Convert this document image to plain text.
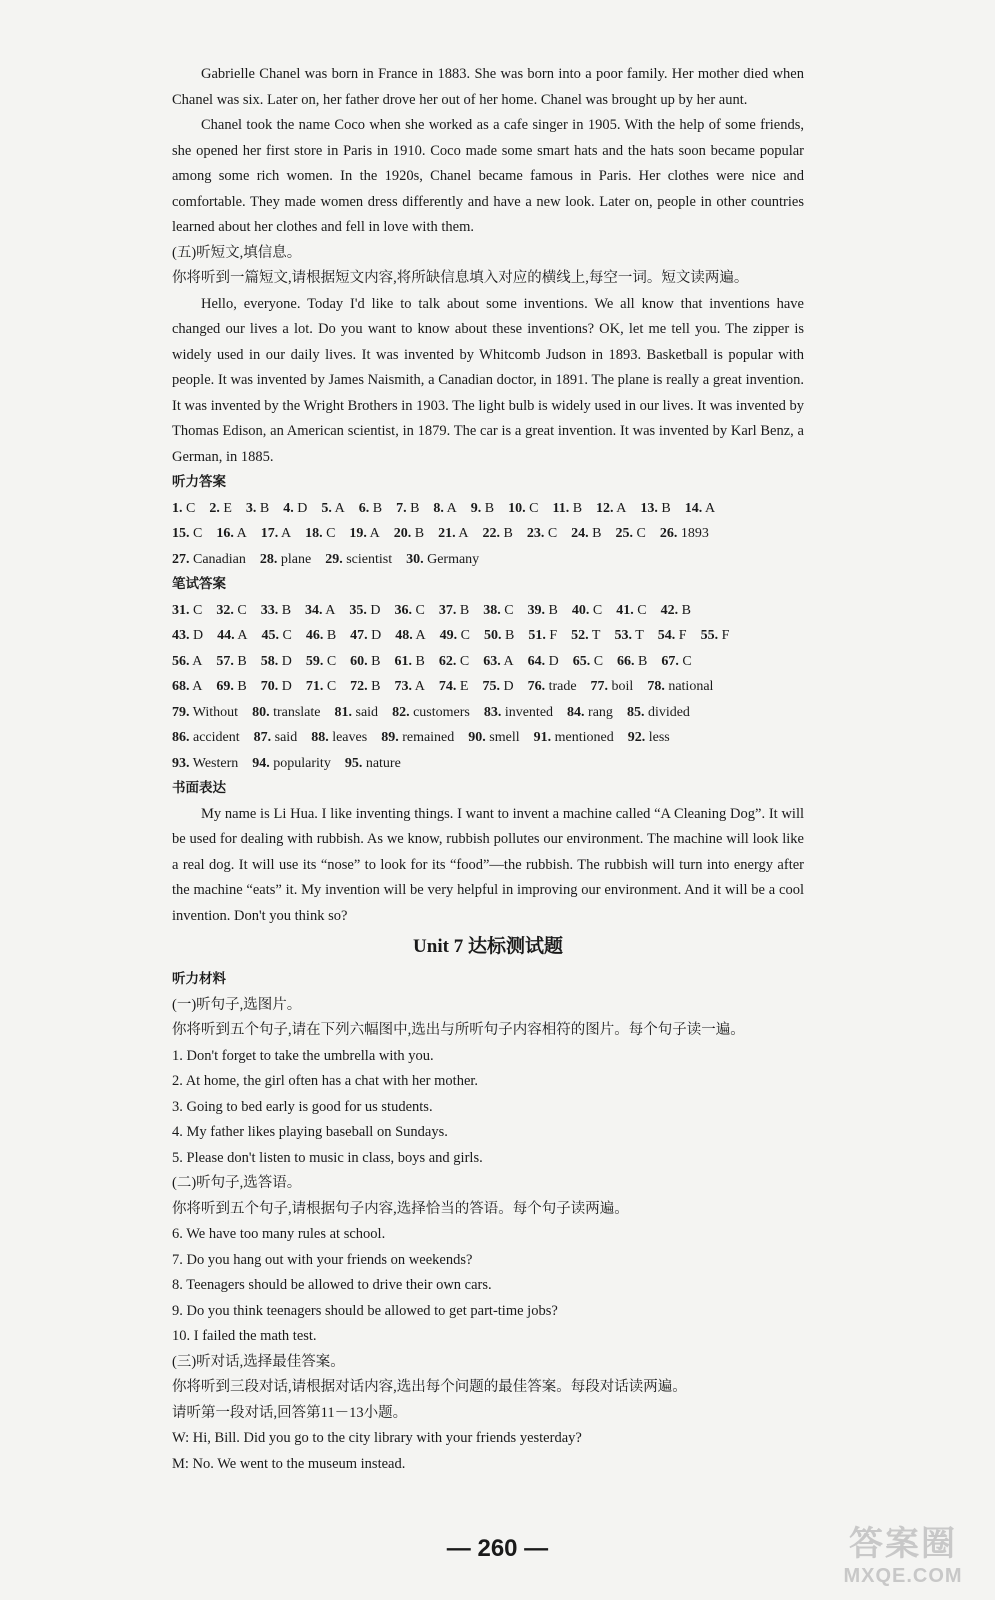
Gabrielle Chanel was born in France in 1883. She was born into a poor family. Her mother died when Chanel was six. Later on, her father drove her out of her home. Chanel was brought up by her aunt.

Chanel took the name Coco when she worked as a cafe singer in 1905. With the help of some friends, she opened her first store in Paris in 1910. Coco made some smart hats and the hats soon became popular among some rich women. In the 1920s, Chanel became famous in Paris. Her clothes were nice and comfortable. They made women dress differently and have a new look. Later on, people in other countries learned about her clothes and fell in love with them.

(五)听短文,填信息。
你将听到一篇短文,请根据短文内容,将所缺信息填入对应的横线上,每空一词。短文读两遍。

Hello, everyone. Today I'd like to talk about some inventions. We all know that inventions have changed our lives a lot. Do you want to know about these inventions? OK, let me tell you. The zipper is widely used in our daily lives. It was invented by Whitcomb Judson in 1893. Basketball is popular with people. It was invented by James Naismith, a Canadian doctor, in 1891. The plane is really a great invention. It was invented by the Wright Brothers in 1903. The light bulb is widely used in our lives. It was invented by Thomas Edison, an American scientist, in 1879. The car is a great invention. It was invented by Karl Benz, a German, in 1885.

听力答案
1. C 2. E 3. B 4. D 5. A 6. B 7. B 8. A 9. B 10. C 11. B 12. A 13. B 14. A
15. C 16. A 17. A 18. C 19. A 20. B 21. A 22. B 23. C 24. B 25. C 26. 1893
27. Canadian 28. plane 29. scientist 30. Germany
笔试答案
31. C 32. C 33. B 34. A 35. D 36. C 37. B 38. C 39. B 40. C 41. C 42. B
43. D 44. A 45. C 46. B 47. D 48. A 49. C 50. B 51. F 52. T 53. T 54. F 55. F
56. A 57. B 58. D 59. C 60. B 61. B 62. C 63. A 64. D 65. C 66. B 67. C
68. A 69. B 70. D 71. C 72. B 73. A 74. E 75. D 76. trade 77. boil 78. national
79. Without 80. translate 81. said 82. customers 83. invented 84. rang 85. divided
86. accident 87. said 88. leaves 89. remained 90. smell 91. mentioned 92. less
93. Western 94. popularity 95. nature
书面表达

My name is Li Hua. I like inventing things. I want to invent a machine called “A Cleaning Dog”. It will be used for dealing with rubbish. As we know, rubbish pollutes our environment. The machine will look like a real dog. It will use its “nose” to look for its “food”—the rubbish. The rubbish will turn into energy after the machine “eats” it. My invention will be very helpful in improving our environment. And it will be a cool invention. Don't you think so?

Unit 7 达标测试题
听力材料
(一)听句子,选图片。
你将听到五个句子,请在下列六幅图中,选出与所听句子内容相符的图片。每个句子读一遍。
1. Don't forget to take the umbrella with you.
2. At home, the girl often has a chat with her mother.
3. Going to bed early is good for us students.
4. My father likes playing baseball on Sundays.
5. Please don't listen to music in class, boys and girls.
(二)听句子,选答语。
你将听到五个句子,请根据句子内容,选择恰当的答语。每个句子读两遍。
6. We have too many rules at school.
7. Do you hang out with your friends on weekends?
8. Teenagers should be allowed to drive their own cars.
9. Do you think teenagers should be allowed to get part-time jobs?
10. I failed the math test.
(三)听对话,选择最佳答案。
你将听到三段对话,请根据对话内容,选出每个问题的最佳答案。每段对话读两遍。
请听第一段对话,回答第11－13小题。
W: Hi, Bill. Did you go to the city library with your friends yesterday?
M: No. We went to the museum instead.
— 260 —	答案圈
MXQE.COM
